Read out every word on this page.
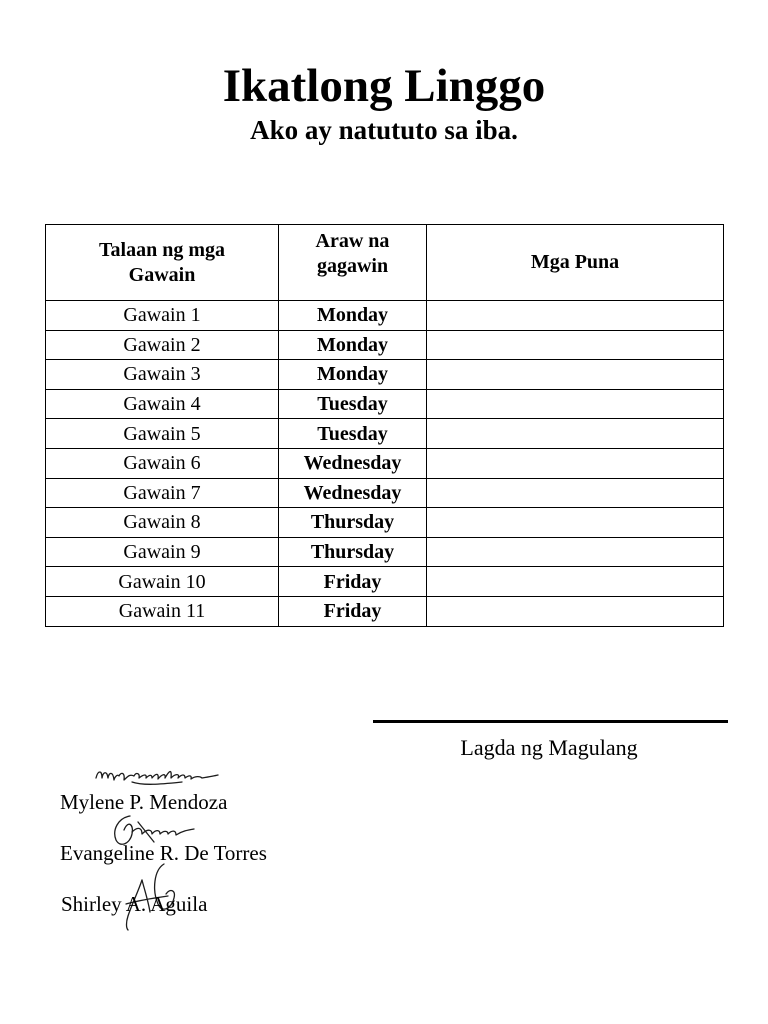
Ikatlong Linggo
Ako ay natututo sa iba.
Talaan ng mga Gawain	Araw na gagawin	Mga Puna
Gawain 1	Monday	
Gawain 2	Monday	
Gawain 3	Monday	
Gawain 4	Tuesday	
Gawain 5	Tuesday	
Gawain 6	Wednesday	
Gawain 7	Wednesday	
Gawain 8	Thursday	
Gawain 9	Thursday	
Gawain 10	Friday	
Gawain 11	Friday	
Lagda ng Magulang
Mylene P. Mendoza
Evangeline R. De Torres
Shirley A. Aguila
